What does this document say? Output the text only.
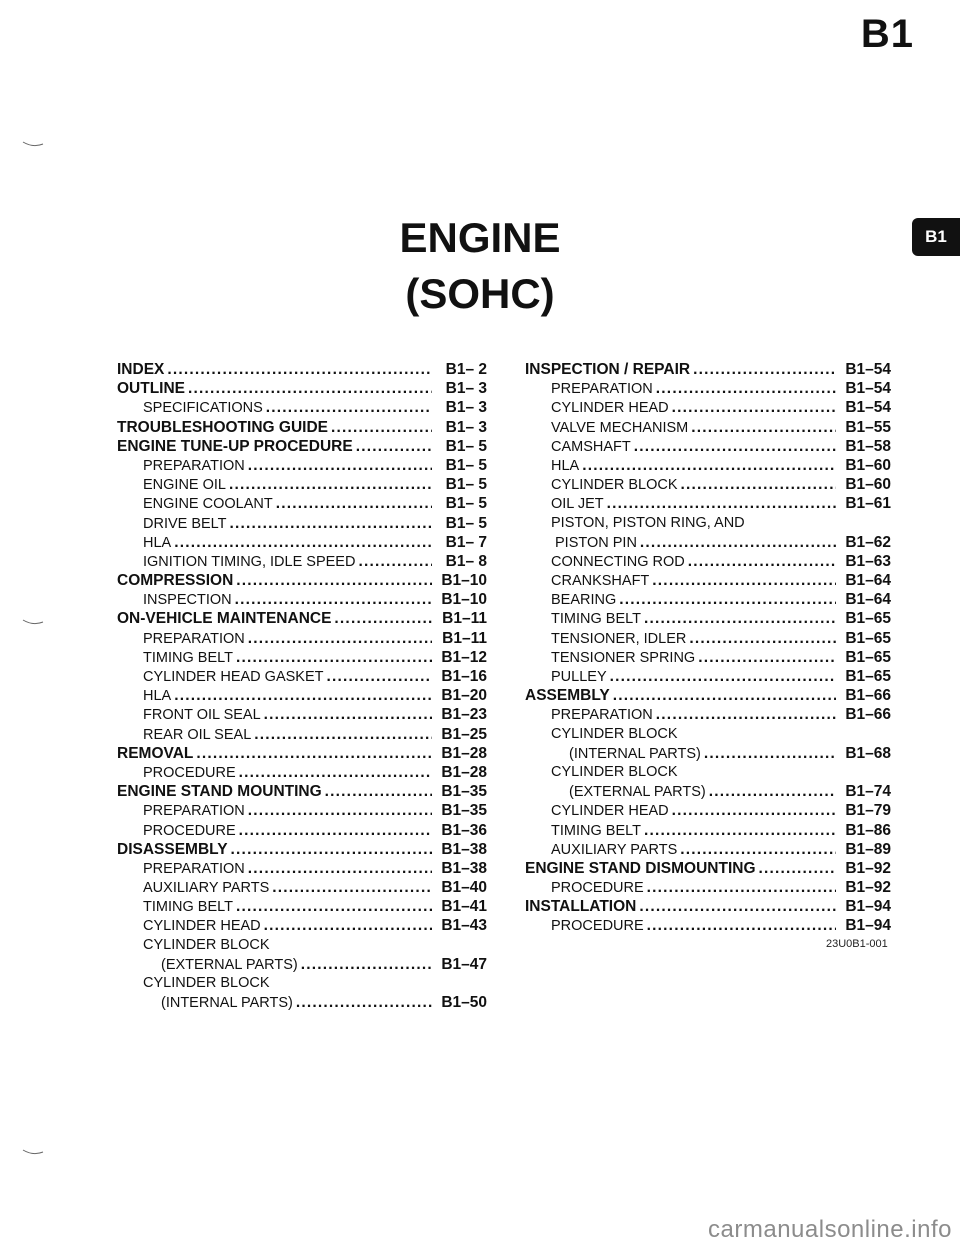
B1
B1
ENGINE
(SOHC)
INDEX .....	B1– 2
OUTLINE .....	B1– 3
SPECIFICATIONS .....	B1– 3
TROUBLESHOOTING GUIDE .....	B1– 3
ENGINE TUNE-UP PROCEDURE .....	B1– 5
PREPARATION .....	B1– 5
ENGINE OIL .....	B1– 5
ENGINE COOLANT .....	B1– 5
DRIVE BELT .....	B1– 5
HLA .....	B1– 7
IGNITION TIMING, IDLE SPEED .....	B1– 8
COMPRESSION .....	B1–10
INSPECTION .....	B1–10
ON-VEHICLE MAINTENANCE .....	B1–11
PREPARATION .....	B1–11
TIMING BELT .....	B1–12
CYLINDER HEAD GASKET .....	B1–16
HLA .....	B1–20
FRONT OIL SEAL .....	B1–23
REAR OIL SEAL .....	B1–25
REMOVAL .....	B1–28
PROCEDURE .....	B1–28
ENGINE STAND MOUNTING .....	B1–35
PREPARATION .....	B1–35
PROCEDURE .....	B1–36
DISASSEMBLY .....	B1–38
PREPARATION .....	B1–38
AUXILIARY PARTS .....	B1–40
TIMING BELT .....	B1–41
CYLINDER HEAD .....	B1–43
CYLINDER BLOCK
(EXTERNAL PARTS) .....	B1–47
CYLINDER BLOCK
(INTERNAL PARTS) .....	B1–50
INSPECTION / REPAIR .....	B1–54
PREPARATION .....	B1–54
CYLINDER HEAD .....	B1–54
VALVE MECHANISM .....	B1–55
CAMSHAFT .....	B1–58
HLA .....	B1–60
CYLINDER BLOCK .....	B1–60
OIL JET .....	B1–61
PISTON, PISTON RING, AND
PISTON PIN .....	B1–62
CONNECTING ROD .....	B1–63
CRANKSHAFT .....	B1–64
BEARING .....	B1–64
TIMING BELT .....	B1–65
TENSIONER, IDLER .....	B1–65
TENSIONER SPRING .....	B1–65
PULLEY .....	B1–65
ASSEMBLY .....	B1–66
PREPARATION .....	B1–66
CYLINDER BLOCK
(INTERNAL PARTS) .....	B1–68
CYLINDER BLOCK
(EXTERNAL PARTS) .....	B1–74
CYLINDER HEAD .....	B1–79
TIMING BELT .....	B1–86
AUXILIARY PARTS .....	B1–89
ENGINE STAND DISMOUNTING .....	B1–92
PROCEDURE .....	B1–92
INSTALLATION .....	B1–94
PROCEDURE .....	B1–94
23U0B1-001
carmanualsonline.info
